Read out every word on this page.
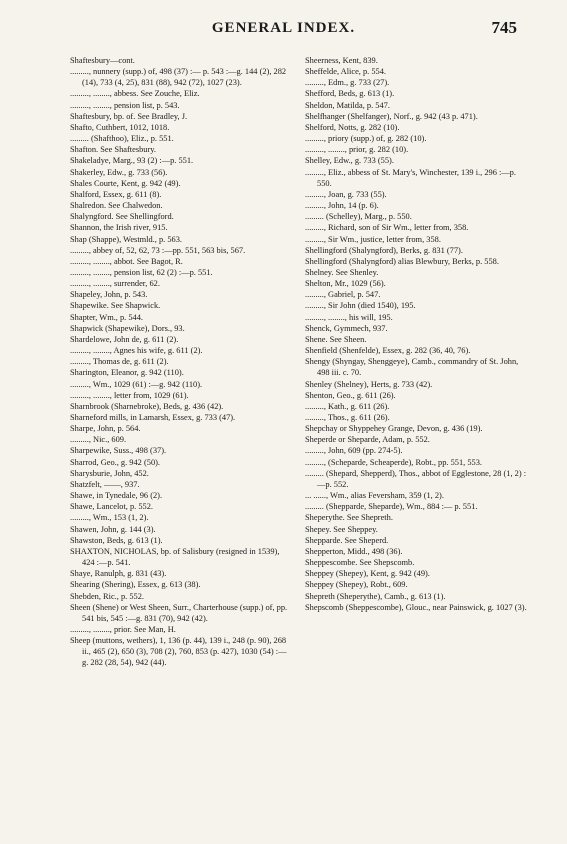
GENERAL INDEX.	745

Shaftesbury—cont.

........., nunnery (supp.) of, 498 (37) :— p. 543 :—g. 144 (2), 282 (14), 733 (4, 25), 831 (88), 942 (72), 1027 (23).

........., ........, abbess. See Zouche, Eliz.

........., ........, pension list, p. 543.

Shaftesbury, bp. of. See Bradley, J.

Shafto, Cuthbert, 1012, 1018.

......... (Shafthoo), Eliz., p. 551.

Shafton. See Shaftesbury.

Shakeladye, Marg., 93 (2) :—p. 551.

Shakerley, Edw., g. 733 (56).

Shales Courte, Kent, g. 942 (49).

Shalford, Essex, g. 611 (8).

Shalredon. See Chalwedon.

Shalyngford. See Shellingford.

Shannon, the Irish river, 915.

Shap (Shappe), Westmld., p. 563.

........., abbey of, 52, 62, 73 :—pp. 551, 563 bis, 567.

........., ........, abbot. See Bagot, R.

........., ........, pension list, 62 (2) :—p. 551.

........., ........, surrender, 62.

Shapeley, John, p. 543.

Shapewike. See Shapwick.

Shapter, Wm., p. 544.

Shapwick (Shapewike), Dors., 93.

Shardelowe, John de, g. 611 (2).

........., ........, Agnes his wife, g. 611 (2).

........., Thomas de, g. 611 (2).

Sharington, Eleanor, g. 942 (110).

........., Wm., 1029 (61) :—g. 942 (110).

........., ........, letter from, 1029 (61).

Sharnbrook (Sharnebroke), Beds, g. 436 (42).

Sharneford mills, in Lamarsh, Essex, g. 733 (47).

Sharpe, John, p. 564.

........., Nic., 609.

Sharpewike, Suss., 498 (37).

Sharrod, Geo., g. 942 (50).

Sharysburie, John, 452.

Shatzfelt, ——, 937.

Shawe, in Tynedale, 96 (2).

Shawe, Lancelot, p. 552.

........., Wm., 153 (1, 2).

Shawen, John, g. 144 (3).

Shawston, Beds, g. 613 (1).

SHAXTON, NICHOLAS, bp. of Salisbury (resigned in 1539), 424 :—p. 541.

Shaye, Ranulph, g. 831 (43).

Shearing (Shering), Essex, g. 613 (38).

Shebden, Ric., p. 552.

Sheen (Shene) or West Sheen, Surr., Charterhouse (supp.) of, pp. 541 bis, 545 :—g. 831 (70), 942 (42).

........., ........, prior. See Man, H.

Sheep (muttons, wethers), 1, 136 (p. 44), 139 i., 248 (p. 90), 268 ii., 465 (2), 650 (3), 708 (2), 760, 853 (p. 427), 1030 (54) :—g. 282 (28, 54), 942 (44).

Sheerness, Kent, 839.

Sheffelde, Alice, p. 554.

........., Edm., g. 733 (27).

Shefford, Beds, g. 613 (1).

Sheldon, Matilda, p. 547.

Shelfhanger (Shelfanger), Norf., g. 942 (43 p. 471).

Shelford, Notts, g. 282 (10).

........., priory (supp.) of, g. 282 (10).

........., ........, prior, g. 282 (10).

Shelley, Edw., g. 733 (55).

........., Eliz., abbess of St. Mary's, Winchester, 139 i., 296 :—p. 550.

........., Joan, g. 733 (55).

........., John, 14 (p. 6).

......... (Schelley), Marg., p. 550.

........., Richard, son of Sir Wm., letter from, 358.

........., Sir Wm., justice, letter from, 358.

Shellingford (Shalyngford), Berks, g. 831 (77).

Shellingford (Shalyngford) alias Blewbury, Berks, p. 558.

Shelney. See Shenley.

Shelton, Mr., 1029 (56).

........., Gabriel, p. 547.

........., Sir John (died 1540), 195.

........., ........, his will, 195.

Shenck, Gymmech, 937.

Shene. See Sheen.

Shenfield (Shenfelde), Essex, g. 282 (36, 40, 76).

Shengy (Shyngay, Shenggeye), Camb., commandry of St. John, 498 iii. c. 70.

Shenley (Shelney), Herts, g. 733 (42).

Shenton, Geo., g. 611 (26).

........., Kath., g. 611 (26).

........., Thos., g. 611 (26).

Shepchay or Shyppehey Grange, Devon, g. 436 (19).

Sheperde or Sheparde, Adam, p. 552.

........., John, 609 (pp. 274-5).

........., (Scheparde, Scheaperde), Robt., pp. 551, 553.

......... (Shepard, Shepperd), Thos., abbot of Egglestone, 28 (1, 2) :—p. 552.

... ......, Wm., alias Feversham, 359 (1, 2).

......... (Shepparde, Sheparde), Wm., 884 :— p. 551.

Sheperythe. See Shepreth.

Shepey. See Sheppey.

Shepparde. See Sheperd.

Shepperton, Midd., 498 (36).

Sheppescombe. See Shepscomb.

Sheppey (Shepey), Kent, g. 942 (49).

Sheppey (Shepey), Robt., 609.

Shepreth (Sheperythe), Camb., g. 613 (1).

Shepscomb (Sheppescombe), Glouc., near Painswick, g. 1027 (3).
